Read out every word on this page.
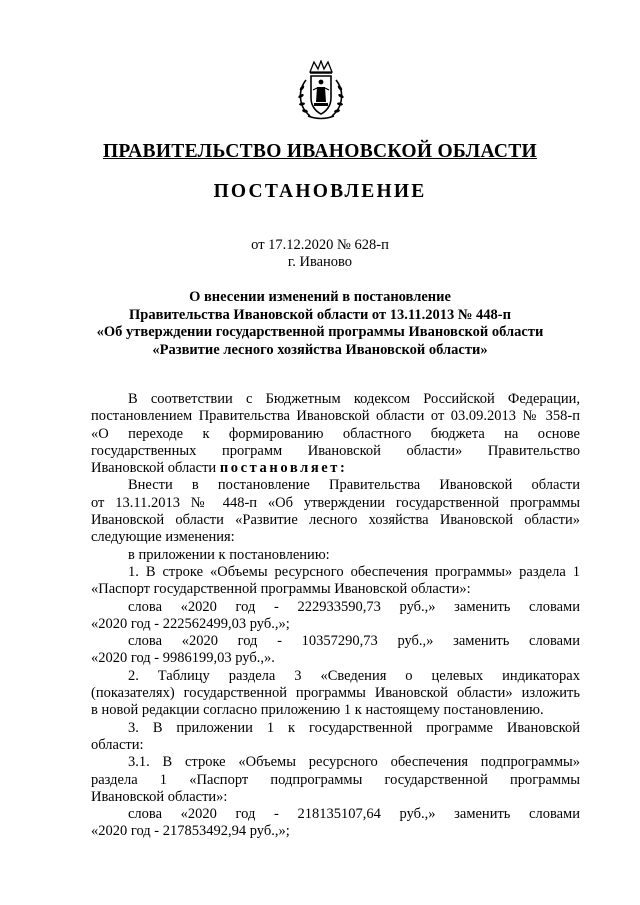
ПРАВИТЕЛЬСТВО ИВАНОВСКОЙ ОБЛАСТИ
ПОСТАНОВЛЕНИЕ
от 17.12.2020 № 628-п
г. Иваново
О внесении изменений в постановление
Правительства Ивановской области от 13.11.2013 № 448-п
«Об утверждении государственной программы Ивановской области
«Развитие лесного хозяйства Ивановской области»
В соответствии с Бюджетным кодексом Российской Федерации,
постановлением Правительства Ивановской области от 03.09.2013 № 358-п
«О переходе к формированию областного бюджета на основе
государственных программ Ивановской области» Правительство
Ивановской области постановляет:
Внести в постановление Правительства Ивановской области
от 13.11.2013 № 448-п «Об утверждении государственной программы
Ивановской области «Развитие лесного хозяйства Ивановской области»
следующие изменения:
в приложении к постановлению:
1. В строке «Объемы ресурсного обеспечения программы» раздела 1
«Паспорт государственной программы Ивановской области»:
слова «2020 год - 222933590,73 руб.,» заменить словами
«2020 год - 222562499,03 руб.,»;
слова «2020 год - 10357290,73 руб.,» заменить словами
«2020 год - 9986199,03 руб.,».
2. Таблицу раздела 3 «Сведения о целевых индикаторах
(показателях) государственной программы Ивановской области» изложить
в новой редакции согласно приложению 1 к настоящему постановлению.
3. В приложении 1 к государственной программе Ивановской
области:
3.1. В строке «Объемы ресурсного обеспечения подпрограммы»
раздела 1 «Паспорт подпрограммы государственной программы
Ивановской области»:
слова «2020 год - 218135107,64 руб.,» заменить словами
«2020 год - 217853492,94 руб.,»;
